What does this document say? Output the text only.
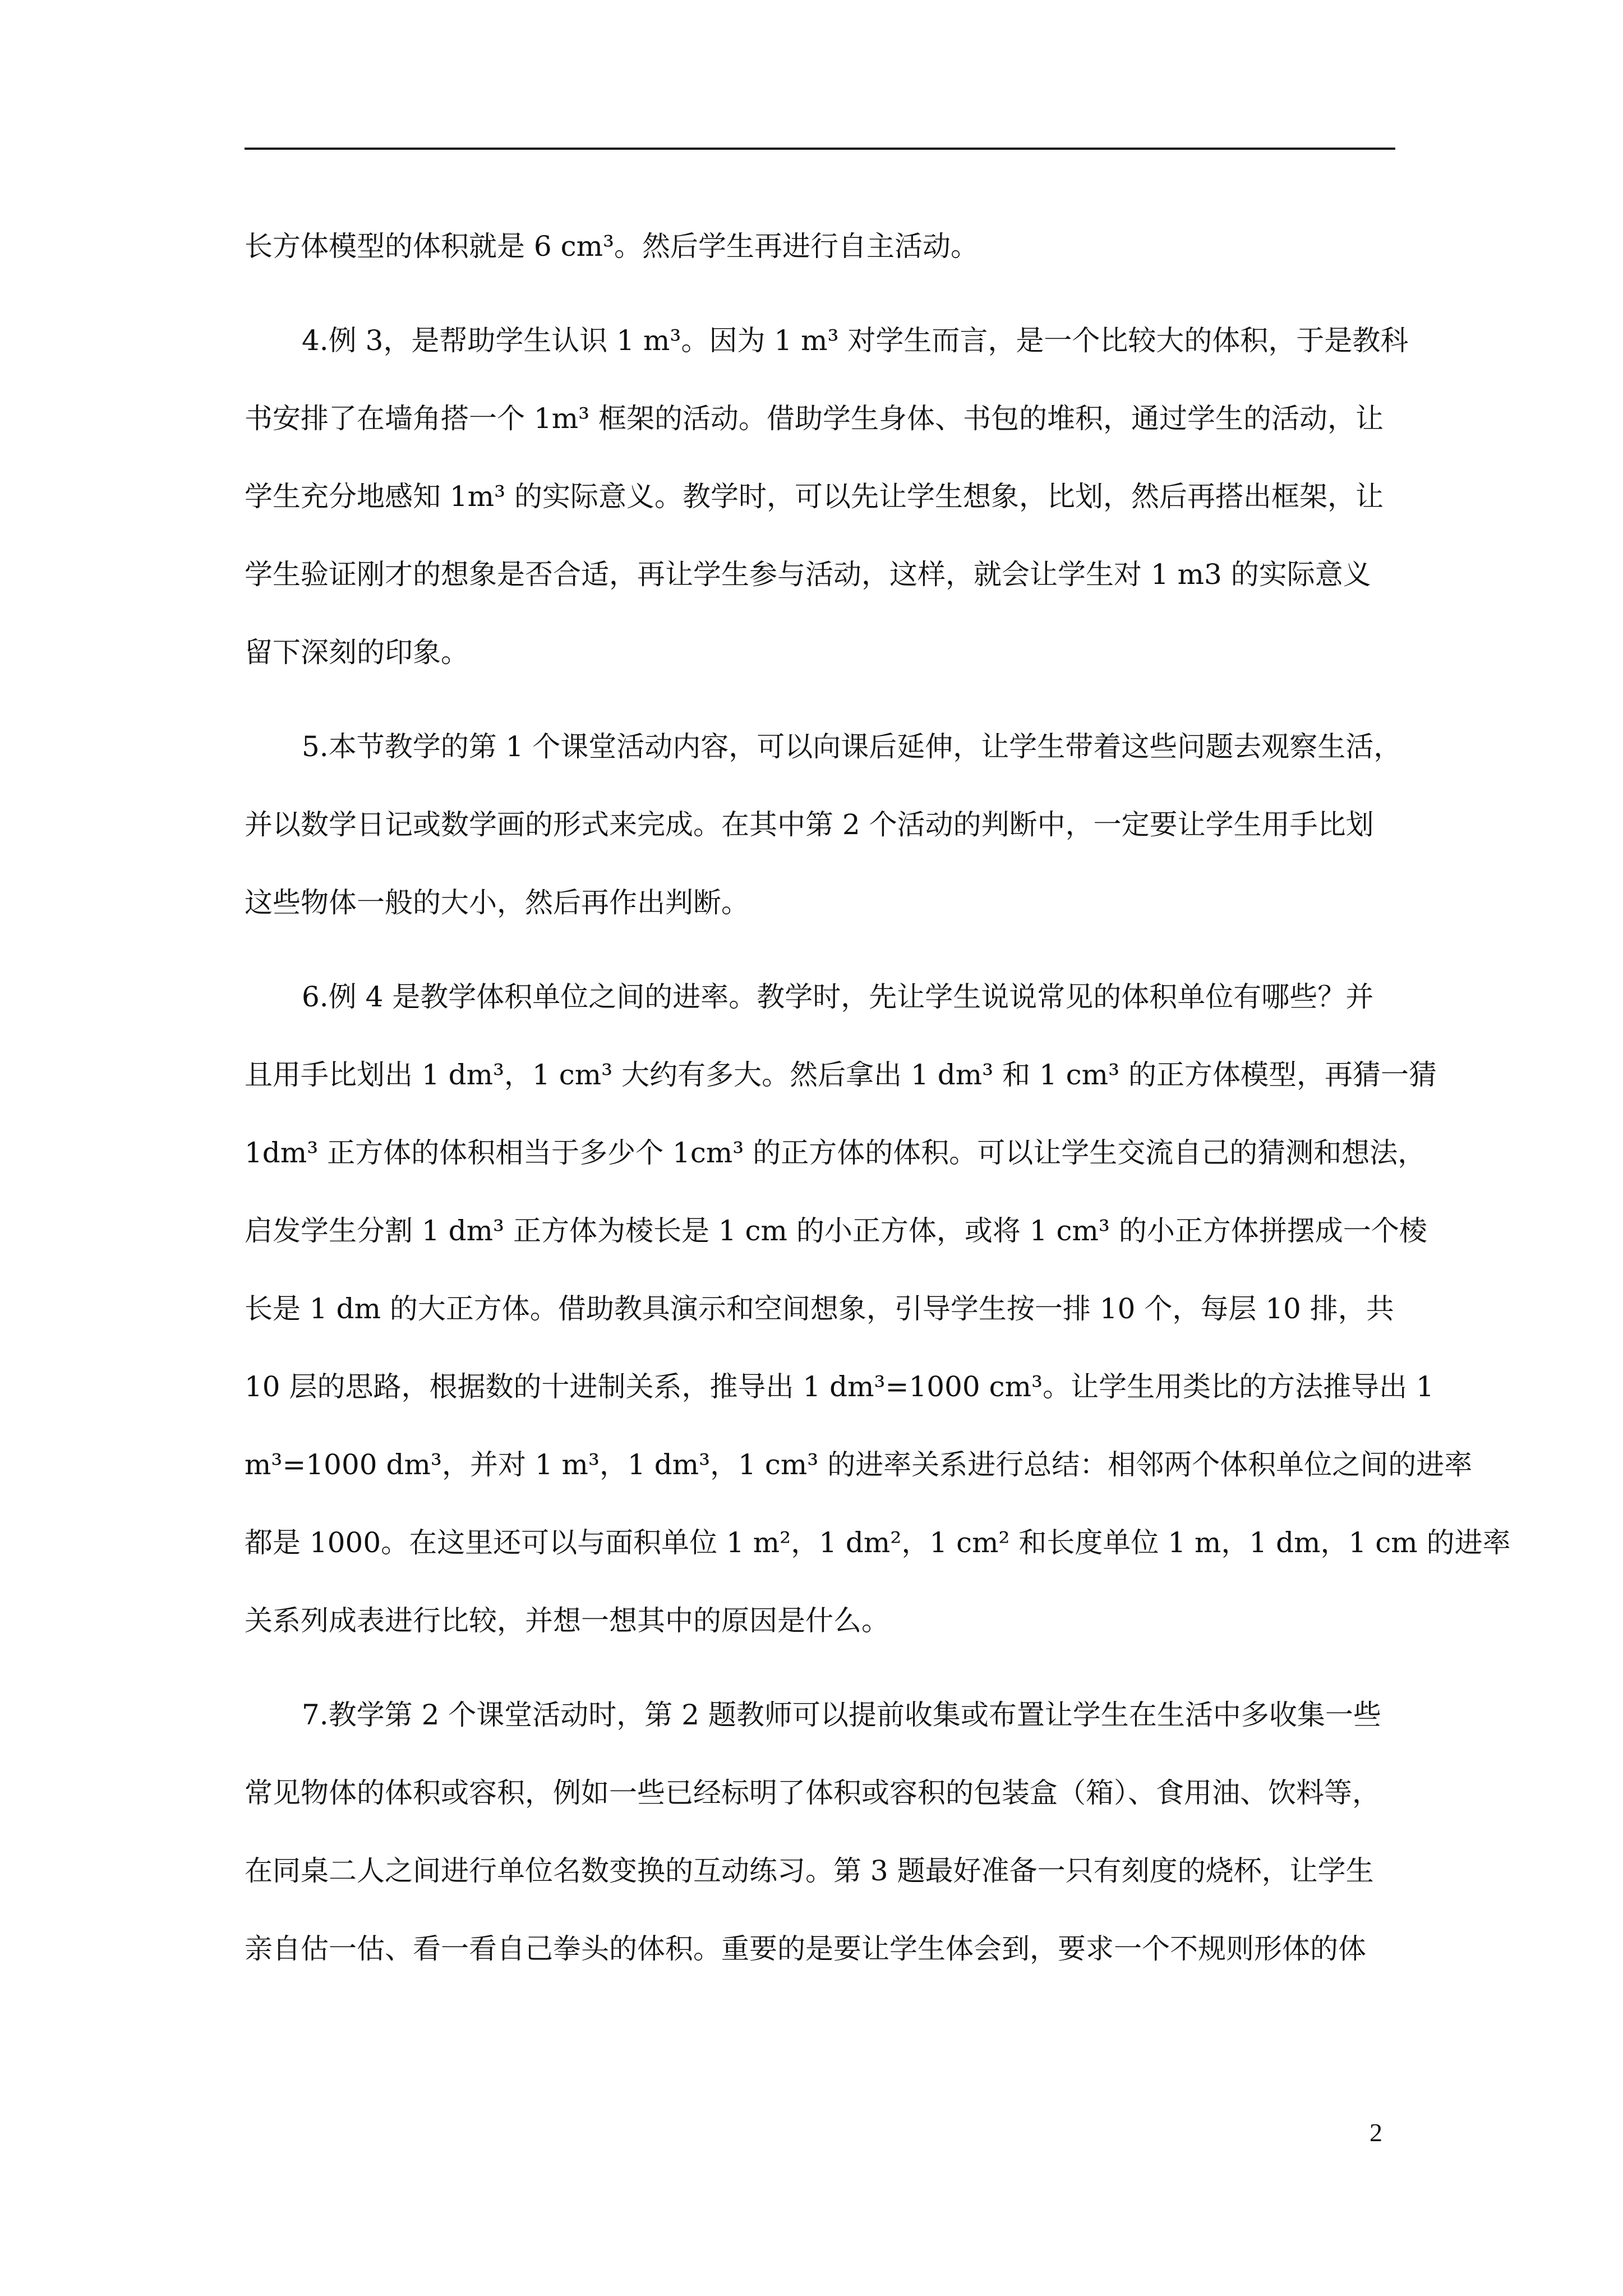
长方体模型的体积就是 6 cm³。然后学生再进行自主活动。
4.例 3，是帮助学生认识 1 m³。因为 1 m³ 对学生而言，是一个比较大的体积，于是教科
书安排了在墙角搭一个 1m³ 框架的活动。借助学生身体、书包的堆积，通过学生的活动，让
学生充分地感知 1m³ 的实际意义。教学时，可以先让学生想象，比划，然后再搭出框架，让
学生验证刚才的想象是否合适，再让学生参与活动，这样，就会让学生对 1 m3 的实际意义
留下深刻的印象。
5.本节教学的第 1 个课堂活动内容，可以向课后延伸，让学生带着这些问题去观察生活，
并以数学日记或数学画的形式来完成。在其中第 2 个活动的判断中，一定要让学生用手比划
这些物体一般的大小，然后再作出判断。
6.例 4 是教学体积单位之间的进率。教学时，先让学生说说常见的体积单位有哪些？并
且用手比划出 1 dm³，1 cm³ 大约有多大。然后拿出 1 dm³ 和 1 cm³ 的正方体模型，再猜一猜
1dm³ 正方体的体积相当于多少个 1cm³ 的正方体的体积。可以让学生交流自己的猜测和想法，
启发学生分割 1 dm³ 正方体为棱长是 1 cm 的小正方体，或将 1 cm³ 的小正方体拼摆成一个棱
长是 1 dm 的大正方体。借助教具演示和空间想象，引导学生按一排 10 个，每层 10 排，共
10 层的思路，根据数的十进制关系，推导出 1 dm³=1000 cm³。让学生用类比的方法推导出 1
m³=1000 dm³，并对 1 m³，1 dm³，1 cm³ 的进率关系进行总结：相邻两个体积单位之间的进率
都是 1000。在这里还可以与面积单位 1 m²，1 dm²，1 cm² 和长度单位 1 m，1 dm，1 cm 的进率
关系列成表进行比较，并想一想其中的原因是什么。
7.教学第 2 个课堂活动时，第 2 题教师可以提前收集或布置让学生在生活中多收集一些
常见物体的体积或容积，例如一些已经标明了体积或容积的包装盒（箱）、食用油、饮料等，
在同桌二人之间进行单位名数变换的互动练习。第 3 题最好准备一只有刻度的烧杯，让学生
亲自估一估、看一看自己拳头的体积。重要的是要让学生体会到，要求一个不规则形体的体
2
